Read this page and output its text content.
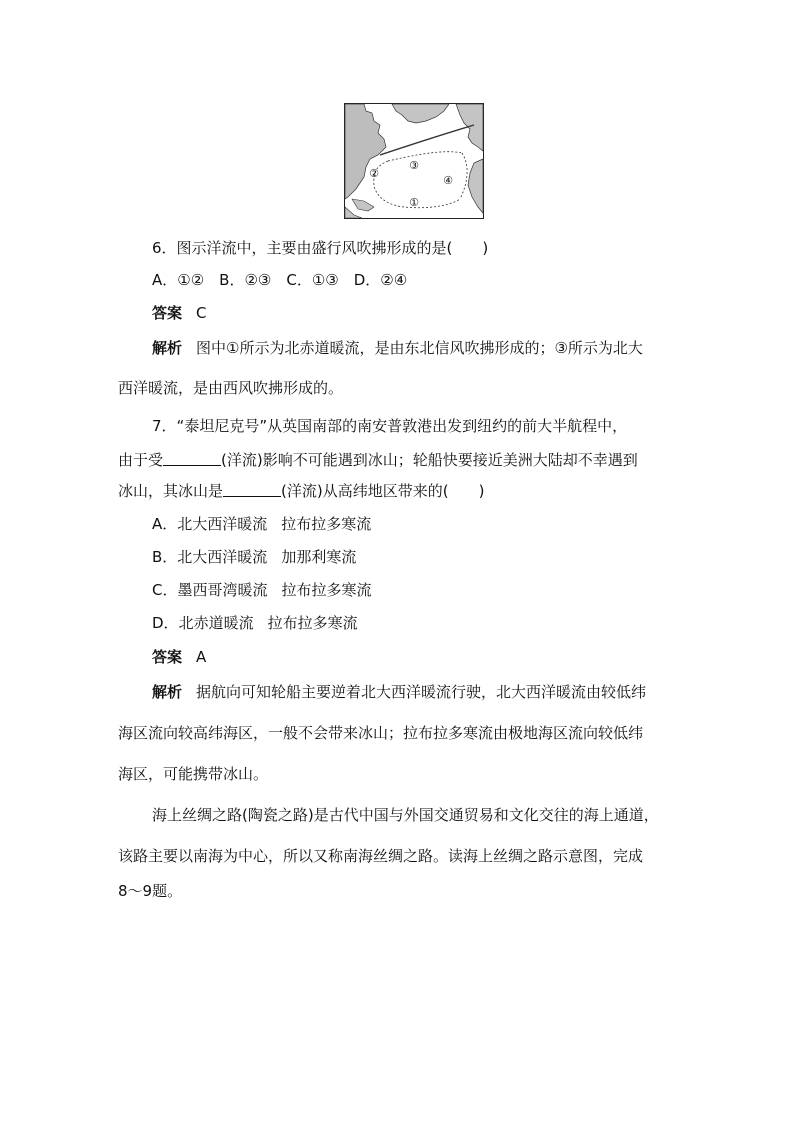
①
②
③
④
6．图示洋流中，主要由盛行风吹拂形成的是(　　)
A．①②　B．②③　C．①③　D．②④
答案 C
解析 图中①所示为北赤道暖流，是由东北信风吹拂形成的；③所示为北大
西洋暖流，是由西风吹拂形成的。
7．“泰坦尼克号”从英国南部的南安普敦港出发到纽约的前大半航程中，
由于受	(洋流)影响不可能遇到冰山；轮船快要接近美洲大陆却不幸遇到
冰山，其冰山是	(洋流)从高纬地区带来的(　　)
A．北大西洋暖流 拉布拉多寒流
B．北大西洋暖流 加那利寒流
C．墨西哥湾暖流 拉布拉多寒流
D．北赤道暖流 拉布拉多寒流
答案 A
解析 据航向可知轮船主要逆着北大西洋暖流行驶，北大西洋暖流由较低纬
海区流向较高纬海区，一般不会带来冰山；拉布拉多寒流由极地海区流向较低纬
海区，可能携带冰山。
海上丝绸之路(陶瓷之路)是古代中国与外国交通贸易和文化交往的海上通道，
该路主要以南海为中心，所以又称南海丝绸之路。读海上丝绸之路示意图，完成
8～9题。
